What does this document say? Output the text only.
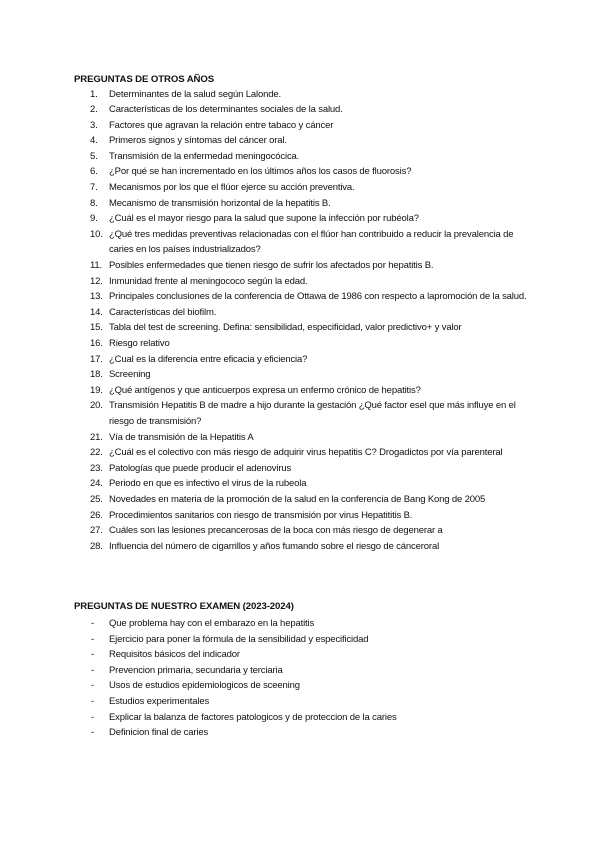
PREGUNTAS DE OTROS AÑOS
1.	Determinantes de la salud según Lalonde.
2.	Características de los determinantes sociales de la salud.
3.	Factores que agravan la relación entre tabaco y cáncer
4.	Primeros signos y síntomas del cáncer oral.
5.	Transmisión de la enfermedad meningocócica.
6.	¿Por qué se han incrementado en los últimos años los casos de fluorosis?
7.	Mecanismos por los que el flúor ejerce su acción preventiva.
8.	Mecanismo de transmisión horizontal de la hepatitis B.
9.	¿Cuál es el mayor riesgo para la salud que supone la infección por rubéola?
10. ¿Qué tres medidas preventivas relacionadas con el flúor han contribuido a reducir la prevalencia de caries en los países industrializados?
11. Posibles enfermedades que tienen riesgo de sufrir los afectados por hepatitis B.
12. Inmunidad frente al meningococo según la edad.
13. Principales conclusiones de la conferencia de Ottawa de 1986 con respecto a lapromoción de la salud.
14. Características del biofilm.
15. Tabla del test de screening. Defina: sensibilidad, especificidad, valor predictivo+ y valor
16. Riesgo relativo
17. ¿Cual es la diferencia entre eficacia y eficiencia?
18. Screening
19. ¿Qué antígenos y que anticuerpos expresa un enfermo crónico de hepatitis?
20. Transmisión Hepatitis B de madre a hijo durante la gestación ¿Qué factor esel que más influye en el riesgo de transmisión?
21. Vía de transmisión de la Hepatitis A
22. ¿Cuál es el colectivo con más riesgo de adquirir virus hepatitis C? Drogadictos por vía parenteral
23. Patologías que puede producir el adenovirus
24. Periodo en que es infectivo el virus de la rubeola
25. Novedades en materia de la promoción de la salud en la conferencia de Bang Kong de 2005
26. Procedimientos sanitarios con riesgo de transmisión por virus Hepatititis B.
27. Cuáles son las lesiones precancerosas de la boca con más riesgo de degenerar a
28. Influencia del número de cigarrillos y años fumando sobre el riesgo de cánceroral
PREGUNTAS DE NUESTRO EXAMEN (2023-2024)
- Que problema hay con el embarazo en la hepatitis
- Ejercicio para poner la fórmula de la sensibilidad y especificidad
- Requisitos básicos del indicador
- Prevencion primaria, secundaria y terciaria
- Usos de estudios epidemiologicos de sceening
- Estudios experimentales
- Explicar la balanza de factores patologicos y de proteccion de la caries
- Definicion final de caries
